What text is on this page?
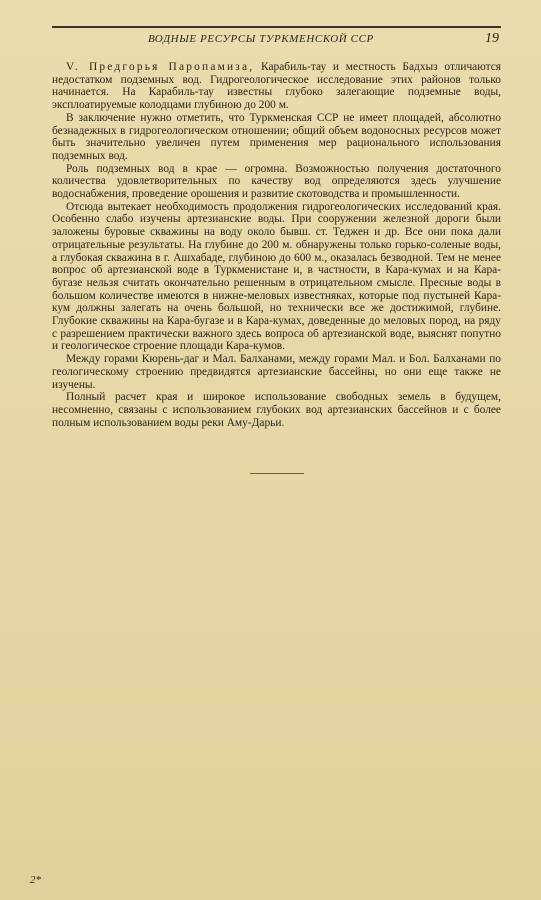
ВОДНЫЕ РЕСУРСЫ ТУРКМЕНСКОЙ ССР	19

V. Предгорья Паропамиза, Карабиль-тау и местность Бадхыз отличаются недостатком подземных вод. Гидрогеологическое исследование этих районов только начинается. На Карабиль-тау известны глубоко залегающие подземные воды, эксплоатируемые колодцами глубиною до 200 м.

В заключение нужно отметить, что Туркменская ССР не имеет площадей, абсолютно безнадежных в гидрогеологическом отношении; общий объем водоносных ресурсов может быть значительно увеличен путем применения мер рационального использования подземных вод.

Роль подземных вод в крае — огромна. Возможностью получения достаточного количества удовлетворительных по качеству вод определяются здесь улучшение водоснабжения, проведение орошения и развитие скотоводства и промышленности.

Отсюда вытекает необходимость продолжения гидрогеологических исследований края. Особенно слабо изучены артезианские воды. При сооружении железной дороги были заложены буровые скважины на воду около бывш. ст. Теджен и др. Все они пока дали отрицательные результаты. На глубине до 200 м. обнаружены только горько-соленые воды, а глубокая скважина в г. Ашхабаде, глубиною до 600 м., оказалась безводной. Тем не менее вопрос об артезианской воде в Туркменистане и, в частности, в Кара-кумах и на Кара-бугазе нельзя считать окончательно решенным в отрицательном смысле. Пресные воды в большом количестве имеются в нижне-меловых известняках, которые под пустыней Кара-кум должны залегать на очень большой, но технически все же достижимой, глубине. Глубокие скважины на Кара-бугазе и в Кара-кумах, доведенные до меловых пород, на ряду с разрешением практически важного здесь вопроса об артезианской воде, выяснят попутно и геологическое строение площади Кара-кумов.

Между горами Кюрень-даг и Мал. Балханами, между горами Мал. и Бол. Балханами по геологическому строению предвидятся артезианские бассейны, но они еще также не изучены.

Полный расчет края и широкое использование свободных земель в будущем, несомненно, связаны с использованием глубоких вод артезианских бассейнов и с более полным использованием воды реки Аму-Дарьи.

2*
